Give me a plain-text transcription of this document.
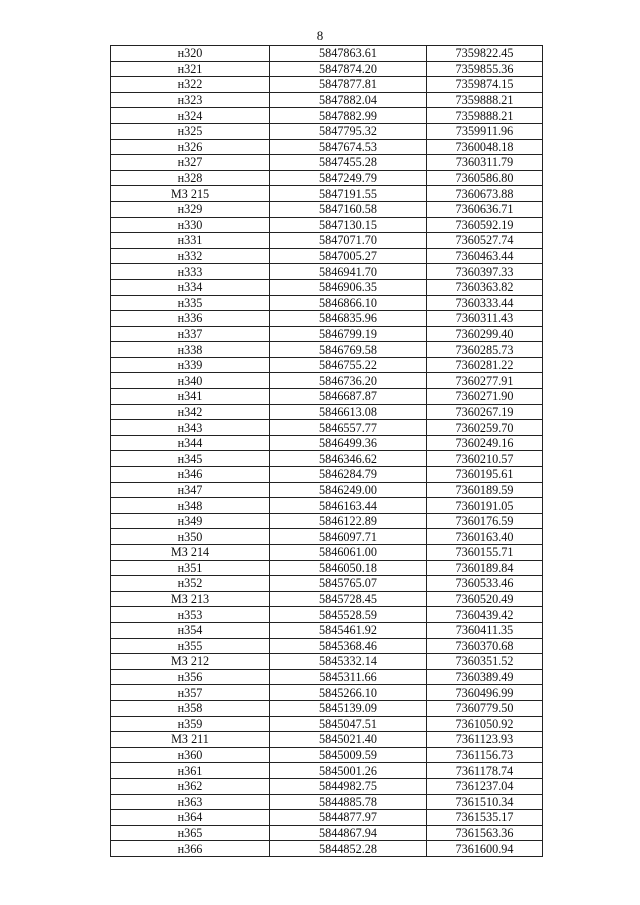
8
н320	5847863.61	7359822.45
н321	5847874.20	7359855.36
н322	5847877.81	7359874.15
н323	5847882.04	7359888.21
н324	5847882.99	7359888.21
н325	5847795.32	7359911.96
н326	5847674.53	7360048.18
н327	5847455.28	7360311.79
н328	5847249.79	7360586.80
МЗ 215	5847191.55	7360673.88
н329	5847160.58	7360636.71
н330	5847130.15	7360592.19
н331	5847071.70	7360527.74
н332	5847005.27	7360463.44
н333	5846941.70	7360397.33
н334	5846906.35	7360363.82
н335	5846866.10	7360333.44
н336	5846835.96	7360311.43
н337	5846799.19	7360299.40
н338	5846769.58	7360285.73
н339	5846755.22	7360281.22
н340	5846736.20	7360277.91
н341	5846687.87	7360271.90
н342	5846613.08	7360267.19
н343	5846557.77	7360259.70
н344	5846499.36	7360249.16
н345	5846346.62	7360210.57
н346	5846284.79	7360195.61
н347	5846249.00	7360189.59
н348	5846163.44	7360191.05
н349	5846122.89	7360176.59
н350	5846097.71	7360163.40
МЗ 214	5846061.00	7360155.71
н351	5846050.18	7360189.84
н352	5845765.07	7360533.46
МЗ 213	5845728.45	7360520.49
н353	5845528.59	7360439.42
н354	5845461.92	7360411.35
н355	5845368.46	7360370.68
МЗ 212	5845332.14	7360351.52
н356	5845311.66	7360389.49
н357	5845266.10	7360496.99
н358	5845139.09	7360779.50
н359	5845047.51	7361050.92
МЗ 211	5845021.40	7361123.93
н360	5845009.59	7361156.73
н361	5845001.26	7361178.74
н362	5844982.75	7361237.04
н363	5844885.78	7361510.34
н364	5844877.97	7361535.17
н365	5844867.94	7361563.36
н366	5844852.28	7361600.94
